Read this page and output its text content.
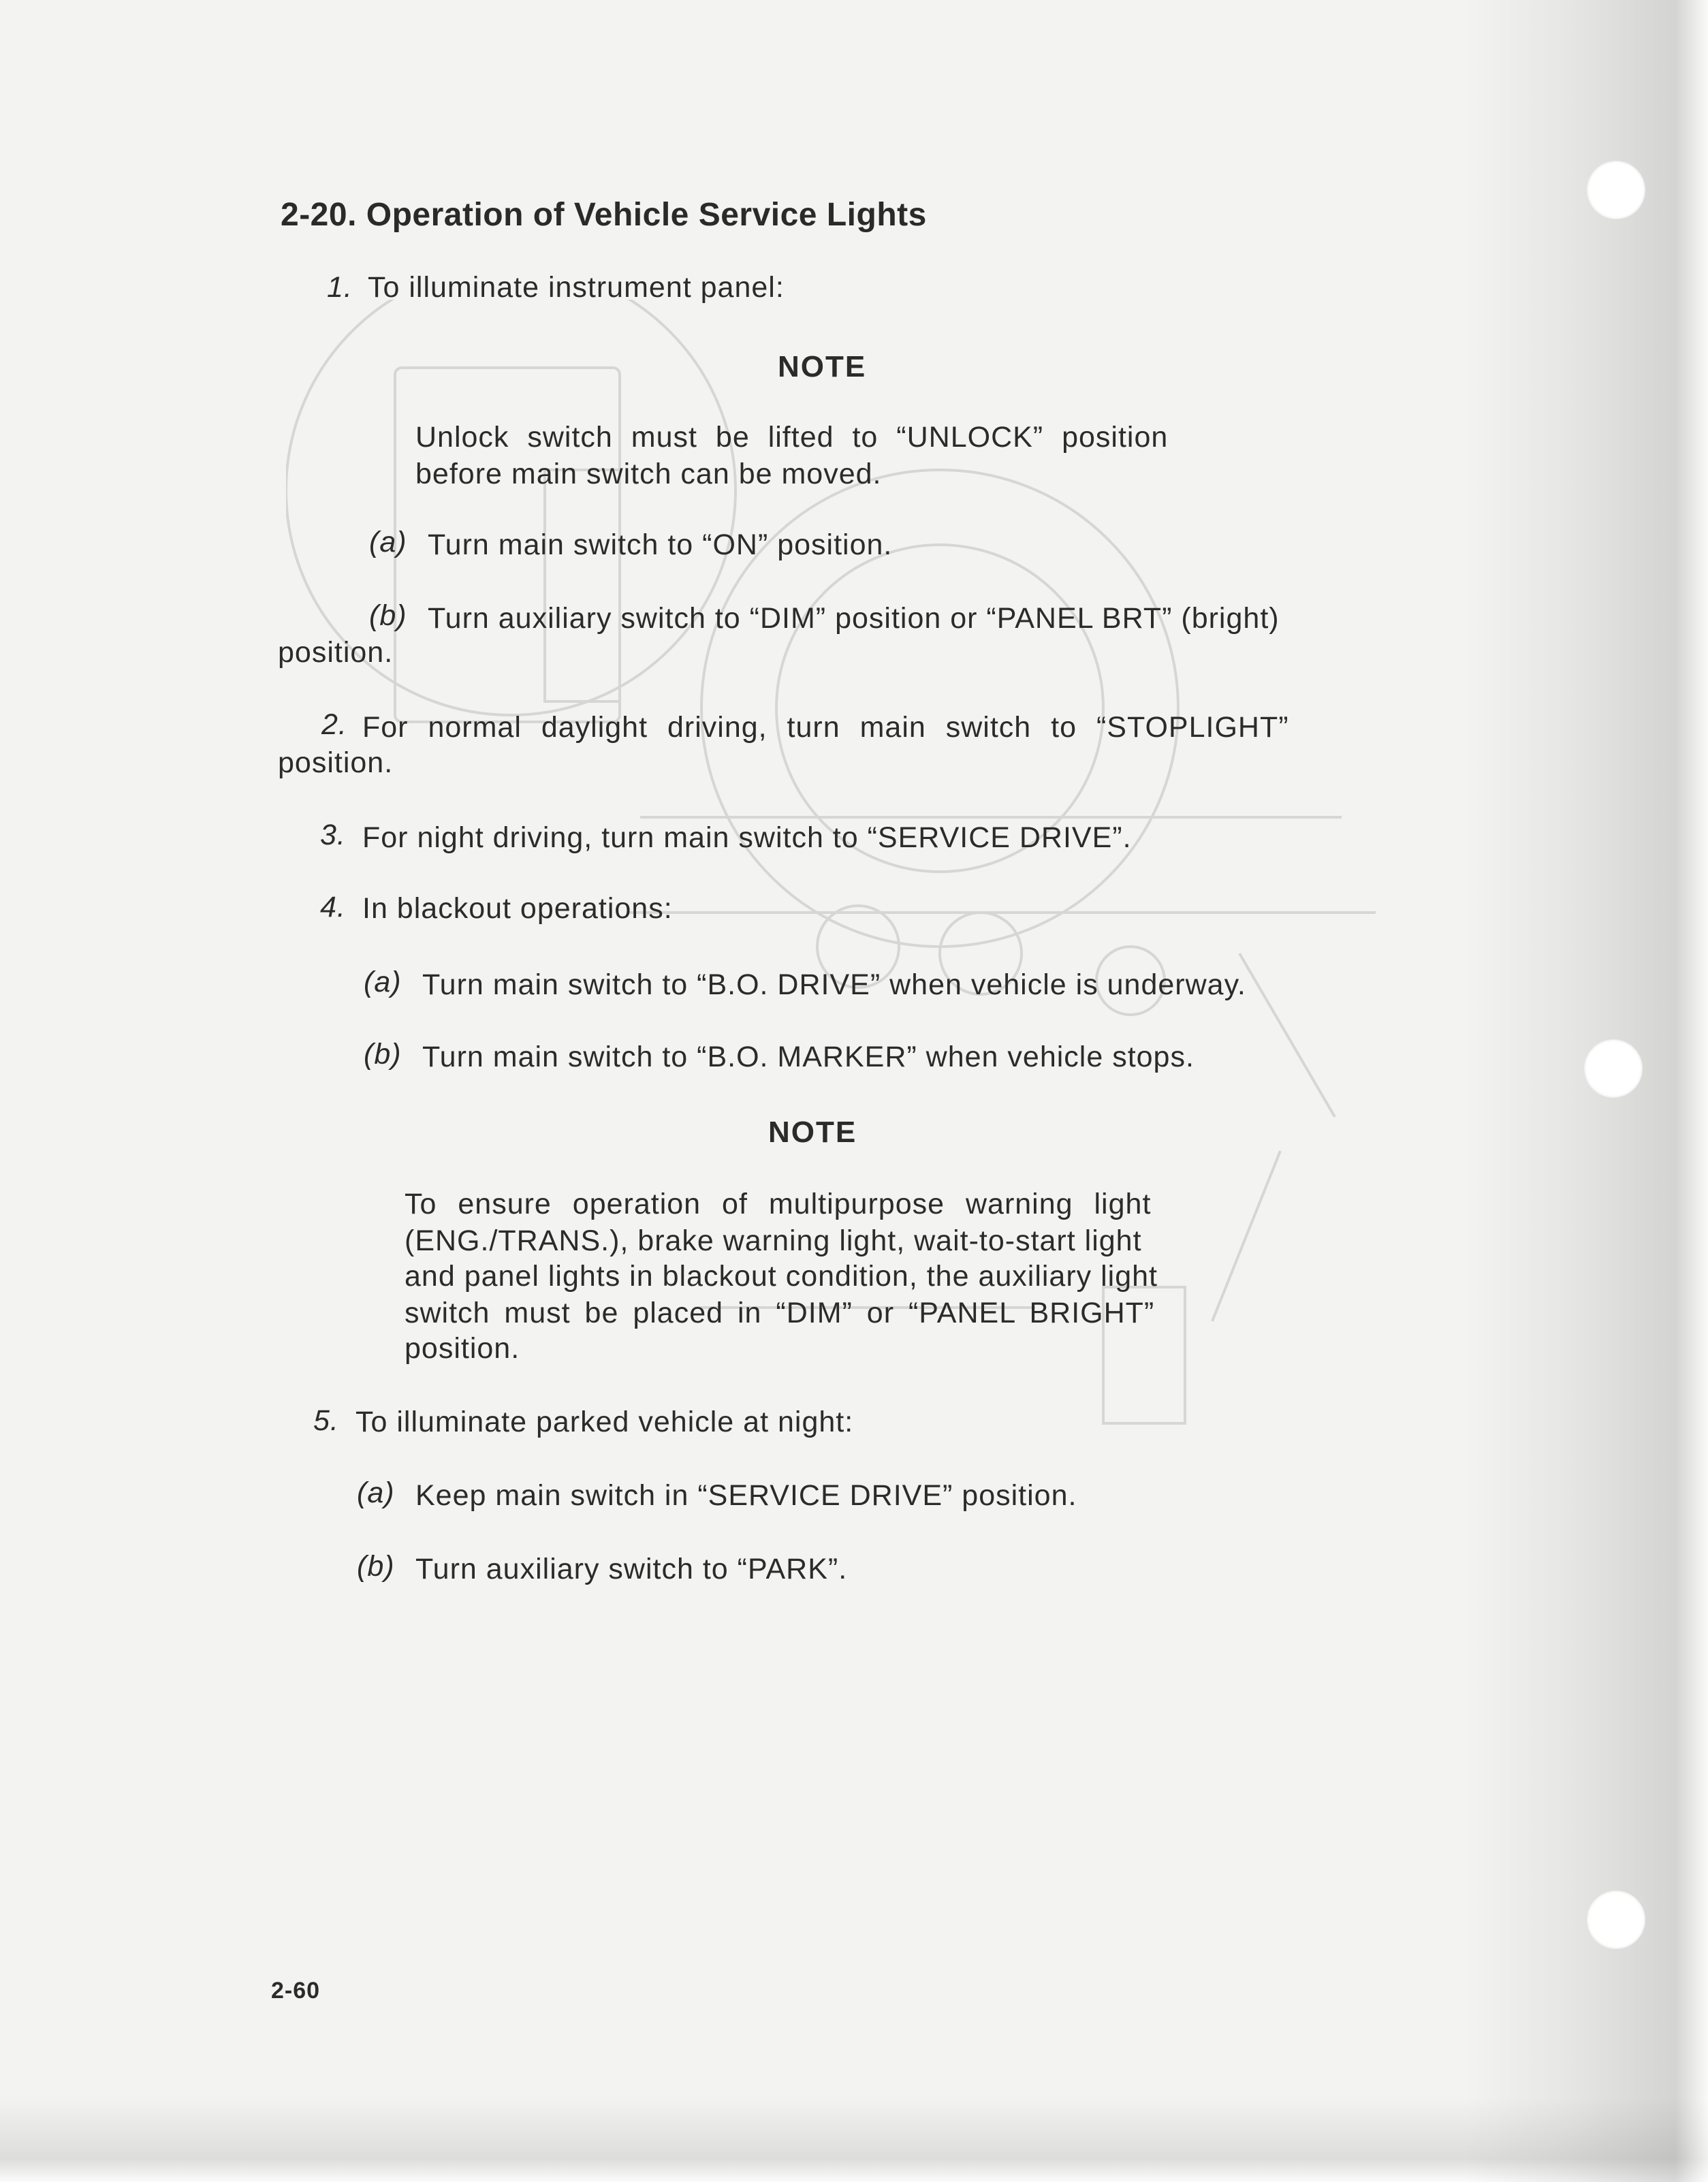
2-20. Operation of Vehicle Service Lights
1. To illuminate instrument panel:
NOTE
Unlock switch must be lifted to “UNLOCK” position
before main switch can be moved.
(a) Turn main switch to “ON” position.
(b) Turn auxiliary switch to “DIM” position or “PANEL BRT” (bright)
position.
2. For normal daylight driving, turn main switch to “STOPLIGHT”
position.
3. For night driving, turn main switch to “SERVICE DRIVE”.
4. In blackout operations:
(a) Turn main switch to “B.O. DRIVE” when vehicle is underway.
(b) Turn main switch to “B.O. MARKER” when vehicle stops.
NOTE
To ensure operation of multipurpose warning light
(ENG./TRANS.), brake warning light, wait-to-start light
and panel lights in blackout condition, the auxiliary light
switch must be placed in “DIM” or “PANEL BRIGHT”
position.
5. To illuminate parked vehicle at night:
(a) Keep main switch in “SERVICE DRIVE” position.
(b) Turn auxiliary switch to “PARK”.
2-60
